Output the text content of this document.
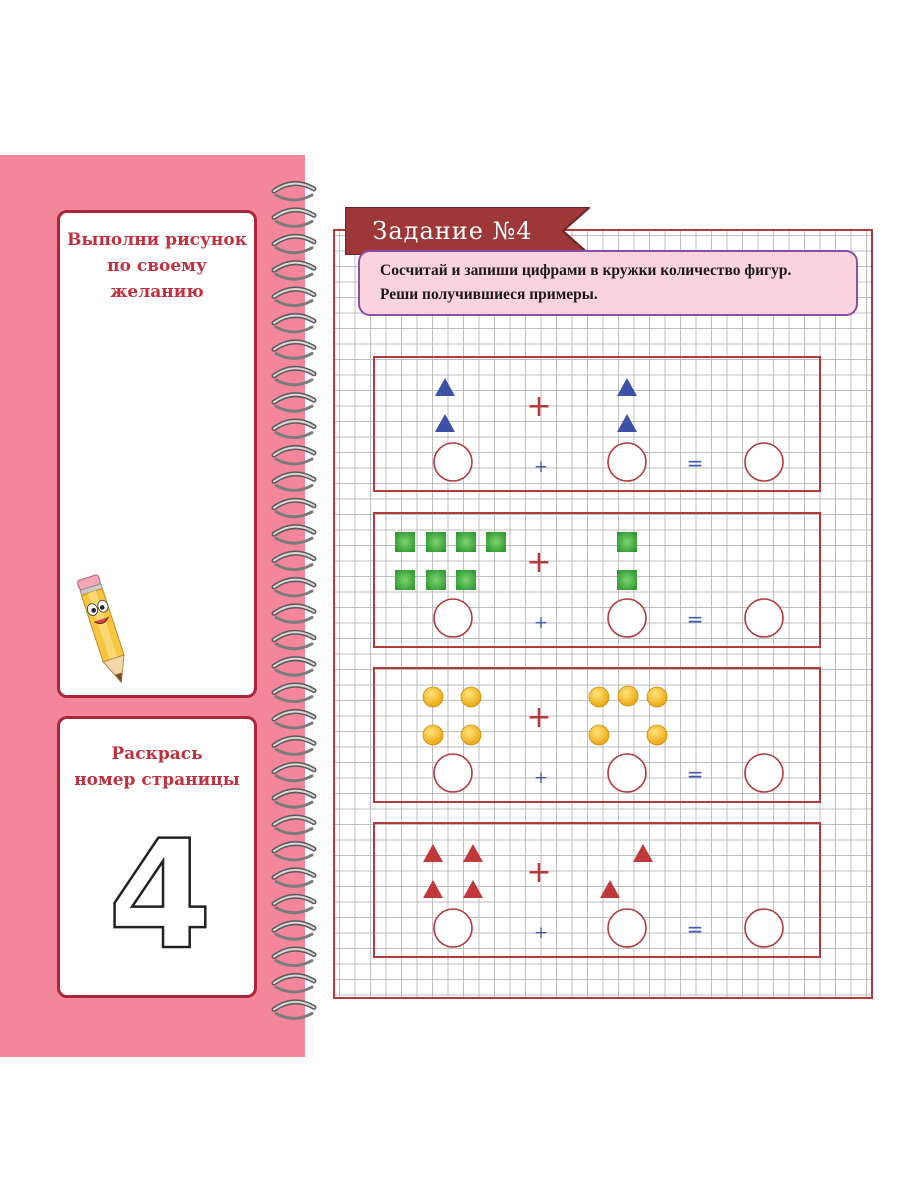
Выполни рисунок
по своему желанию
Раскрась
номер страницы
4
Задание №4
Сосчитай и запиши цифрами в кружки количество фигур.
Реши получившиеся примеры.
+
+	=
+
+	=
+
+	=
+
+	=
